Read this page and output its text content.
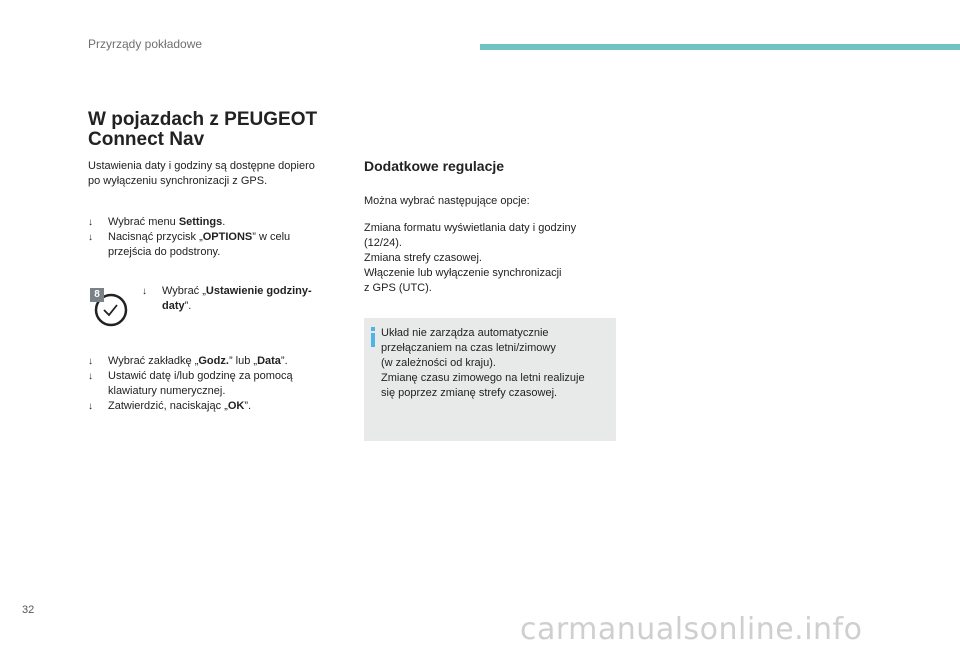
Przyrządy pokładowe
W pojazdach z PEUGEOT
Connect Nav
Ustawienia daty i godziny są dostępne dopiero
po wyłączeniu synchronizacji z GPS.
↓	Wybrać menu Settings.
↓	Nacisnąć przycisk „OPTIONS” w celu
przejścia do podstrony.
8	↓	Wybrać „Ustawienie godziny-
daty”.
↓	Wybrać zakładkę „Godz.” lub „Data”.
↓	Ustawić datę i/lub godzinę za pomocą
klawiatury numerycznej.
↓	Zatwierdzić, naciskając „OK”.
Dodatkowe regulacje
Można wybrać następujące opcje:
Zmiana formatu wyświetlania daty i godziny
(12/24).
Zmiana strefy czasowej.
Włączenie lub wyłączenie synchronizacji
z GPS (UTC).
Układ nie zarządza automatycznie
przełączaniem na czas letni/zimowy
(w zależności od kraju).
Zmianę czasu zimowego na letni realizuje
się poprzez zmianę strefy czasowej.
32
carmanualsonline.info
